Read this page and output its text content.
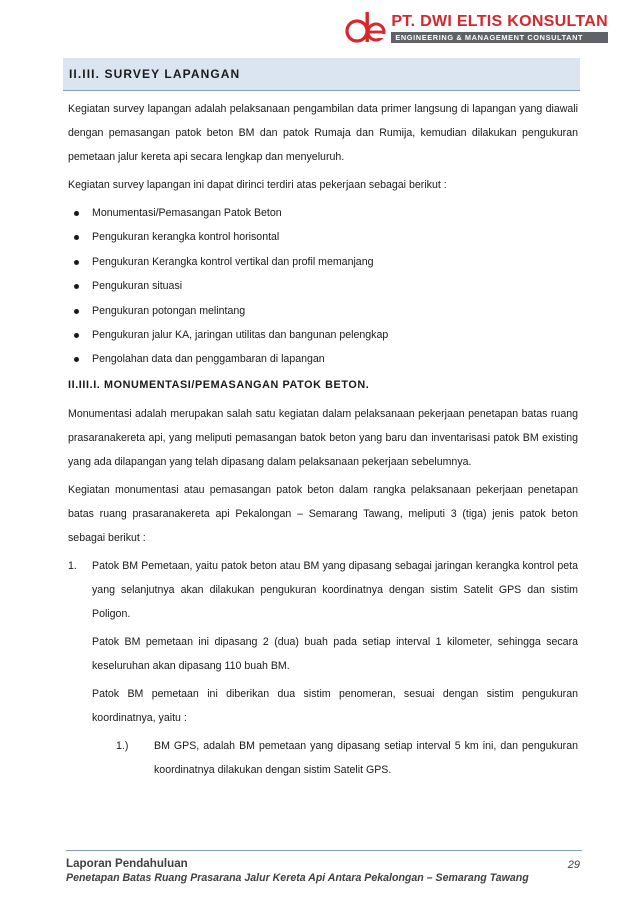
PT. DWI ELTIS KONSULTAN
ENGINEERING & MANAGEMENT CONSULTANT
II.III. SURVEY LAPANGAN

Kegiatan survey lapangan adalah pelaksanaan pengambilan data primer langsung di lapangan yang diawali dengan pemasangan patok beton BM dan patok Rumaja dan Rumija, kemudian dilakukan pengukuran pemetaan jalur kereta api secara lengkap dan menyeluruh.

Kegiatan survey lapangan ini dapat dirinci terdiri atas pekerjaan sebagai berikut :

Monumentasi/Pemasangan Patok Beton
Pengukuran kerangka kontrol horisontal
Pengukuran Kerangka kontrol vertikal dan profil memanjang
Pengukuran situasi
Pengukuran potongan melintang
Pengukuran jalur KA, jaringan utilitas dan bangunan pelengkap
Pengolahan data dan penggambaran di lapangan
II.III.I. MONUMENTASI/PEMASANGAN PATOK BETON.

Monumentasi adalah merupakan salah satu kegiatan dalam pelaksanaan pekerjaan penetapan batas ruang prasaranakereta api, yang meliputi pemasangan batok beton yang baru dan inventarisasi patok BM existing yang ada dilapangan yang telah dipasang dalam pelaksanaan pekerjaan sebelumnya.

Kegiatan monumentasi atau pemasangan patok beton dalam rangka pelaksanaan pekerjaan penetapan batas ruang prasaranakereta api Pekalongan – Semarang Tawang, meliputi 3 (tiga) jenis patok beton sebagai berikut :

1.	Patok BM Pemetaan, yaitu patok beton atau BM yang dipasang sebagai jaringan kerangka kontrol peta yang selanjutnya akan dilakukan pengukuran koordinatnya dengan sistim Satelit GPS dan sistim Poligon.

Patok BM pemetaan ini dipasang 2 (dua) buah pada setiap interval 1 kilometer, sehingga secara keseluruhan akan dipasang 110 buah BM.

Patok BM pemetaan ini diberikan dua sistim penomeran, sesuai dengan sistim pengukuran koordinatnya, yaitu :

1.)	BM GPS, adalah BM pemetaan yang dipasang setiap interval 5 km ini, dan pengukuran koordinatnya dilakukan dengan sistim Satelit GPS.

Laporan Pendahuluan
Penetapan Batas Ruang Prasarana Jalur Kereta Api Antara Pekalongan – Semarang Tawang
29
